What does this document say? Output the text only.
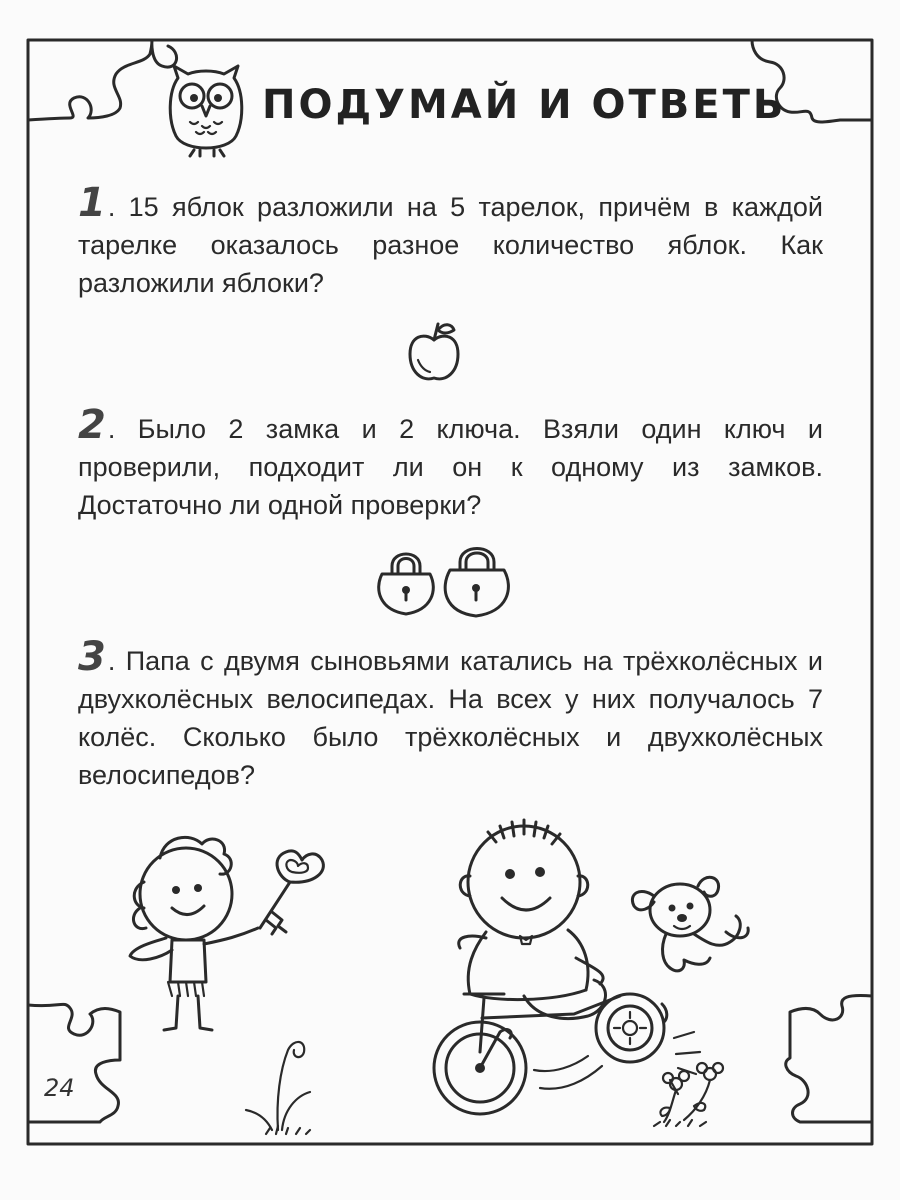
ПОДУМАЙ И ОТВЕТЬ
1. 15 яблок разложили на 5 тарелок, причём в каждой тарелке оказалось разное количество яблок. Как разложили яблоки?
2. Было 2 замка и 2 ключа. Взяли один ключ и проверили, подходит ли он к одному из замков. Достаточно ли одной проверки?
3. Папа с двумя сыновьями катались на трёхколёсных и двухколёсных велосипедах. На всех у них получалось 7 колёс. Сколько было трёхколёсных и двухколёсных велосипедов?
24
